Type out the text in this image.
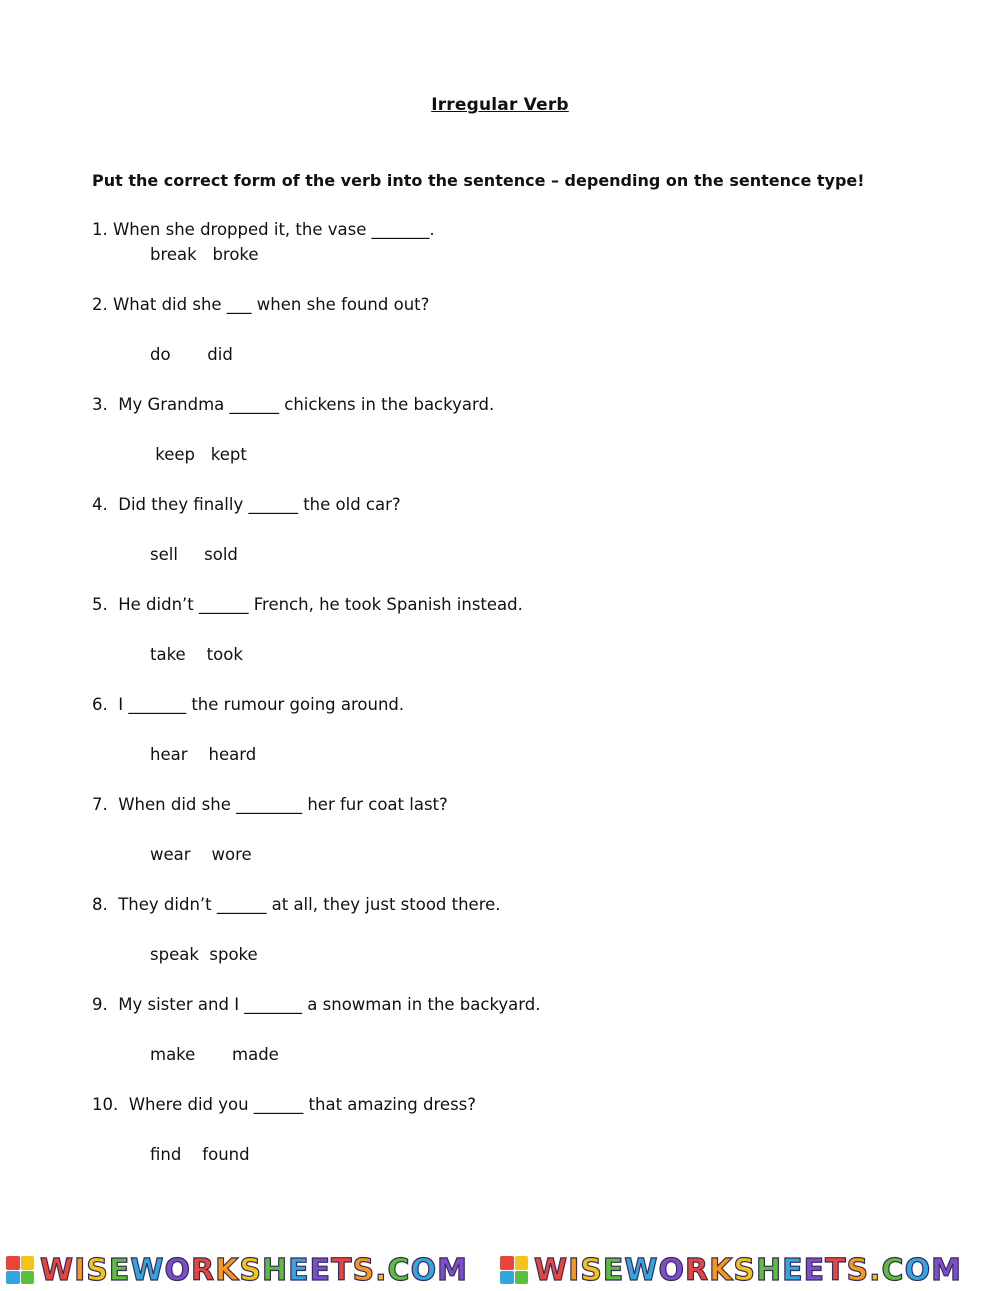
Irregular Verb
Put the correct form of the verb into the sentence – depending on the sentence type!
1. When she dropped it, the vase _______.
break   broke
2. What did she ___ when she found out?
do       did
3.  My Grandma ______ chickens in the backyard.
keep   kept
4.  Did they finally ______ the old car?
sell     sold
5.  He didn’t ______ French, he took Spanish instead.
take    took
6.  I _______ the rumour going around.
hear    heard
7.  When did she ________ her fur coat last?
wear    wore
8.  They didn’t ______ at all, they just stood there.
speak  spoke
9.  My sister and I _______ a snowman in the backyard.
make       made
10.  Where did you ______ that amazing dress?
find    found
WISEWORKSHEETS.COM WISEWORKSHEETS.COM
